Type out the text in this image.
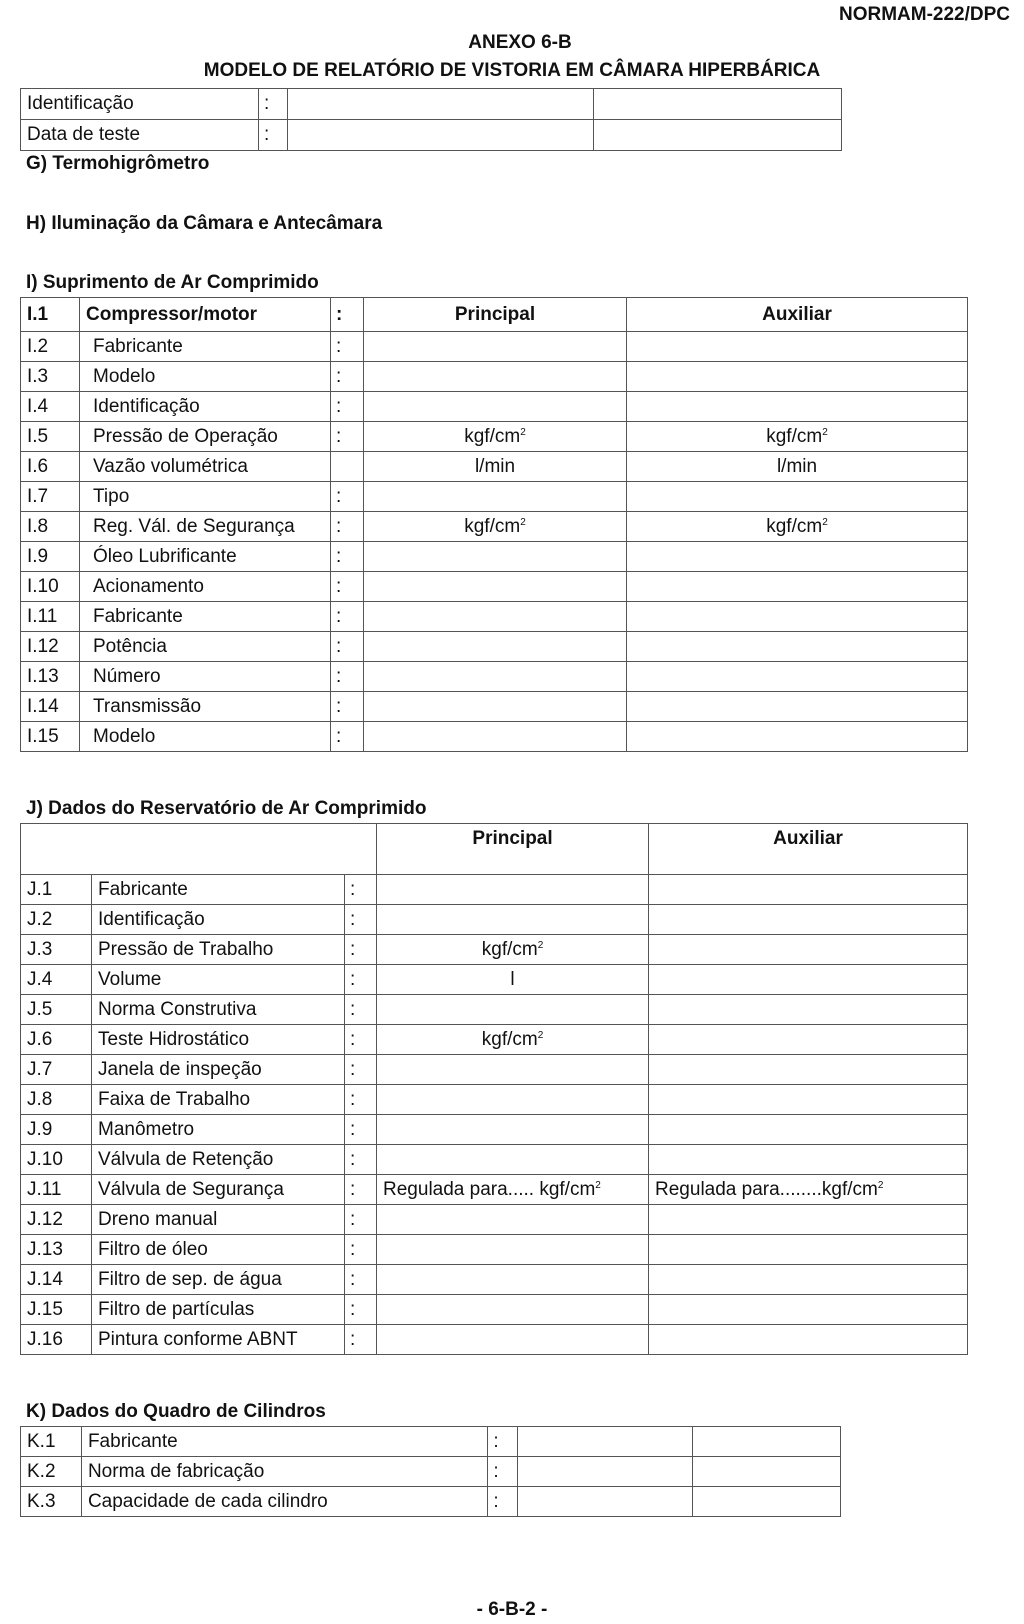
NORMAM-222/DPC
ANEXO 6-B
MODELO DE RELATÓRIO DE VISTORIA EM CÂMARA HIPERBÁRICA
Identificação	:		
Data de teste	:		
G) Termohigrômetro
H) Iluminação da Câmara e Antecâmara
I) Suprimento de Ar Comprimido
I.1	Compressor/motor	:	Principal	Auxiliar
I.2	Fabricante	:		
I.3	Modelo	:		
I.4	Identificação	:		
I.5	Pressão de Operação	:	kgf/$cm^2$	kgf/$cm^2$
I.6	Vazão volumétrica		l/min	l/min
I.7	Tipo	:		
I.8	Reg. Vál. de Segurança	:	kgf/$cm^2$	kgf/$cm^2$
I.9	Óleo Lubrificante	:		
I.10	Acionamento	:		
I.11	Fabricante	:		
I.12	Potência	:		
I.13	Número	:		
I.14	Transmissão	:		
I.15	Modelo	:		
J) Dados do Reservatório de Ar Comprimido
			Principal	Auxiliar
J.1	Fabricante	:		
J.2	Identificação	:		
J.3	Pressão de Trabalho	:	kgf/$cm^2$	
J.4	Volume	:	l	
J.5	Norma Construtiva	:		
J.6	Teste Hidrostático	:	kgf/$cm^2$	
J.7	Janela de inspeção	:		
J.8	Faixa de Trabalho	:		
J.9	Manômetro	:		
J.10	Válvula de Retenção	:		
J.11	Válvula de Segurança	:	Regulada para..... kgf/$cm^2$	Regulada $para........kgf/cm^2$
J.12	Dreno manual	:		
J.13	Filtro de óleo	:		
J.14	Filtro de sep. de água	:		
J.15	Filtro de partículas	:		
J.16	Pintura conforme ABNT	:		
K) Dados do Quadro de Cilindros
K.1	Fabricante	:		
K.2	Norma de fabricação	:		
K.3	Capacidade de cada cilindro	:		
- 6-B-2 -
